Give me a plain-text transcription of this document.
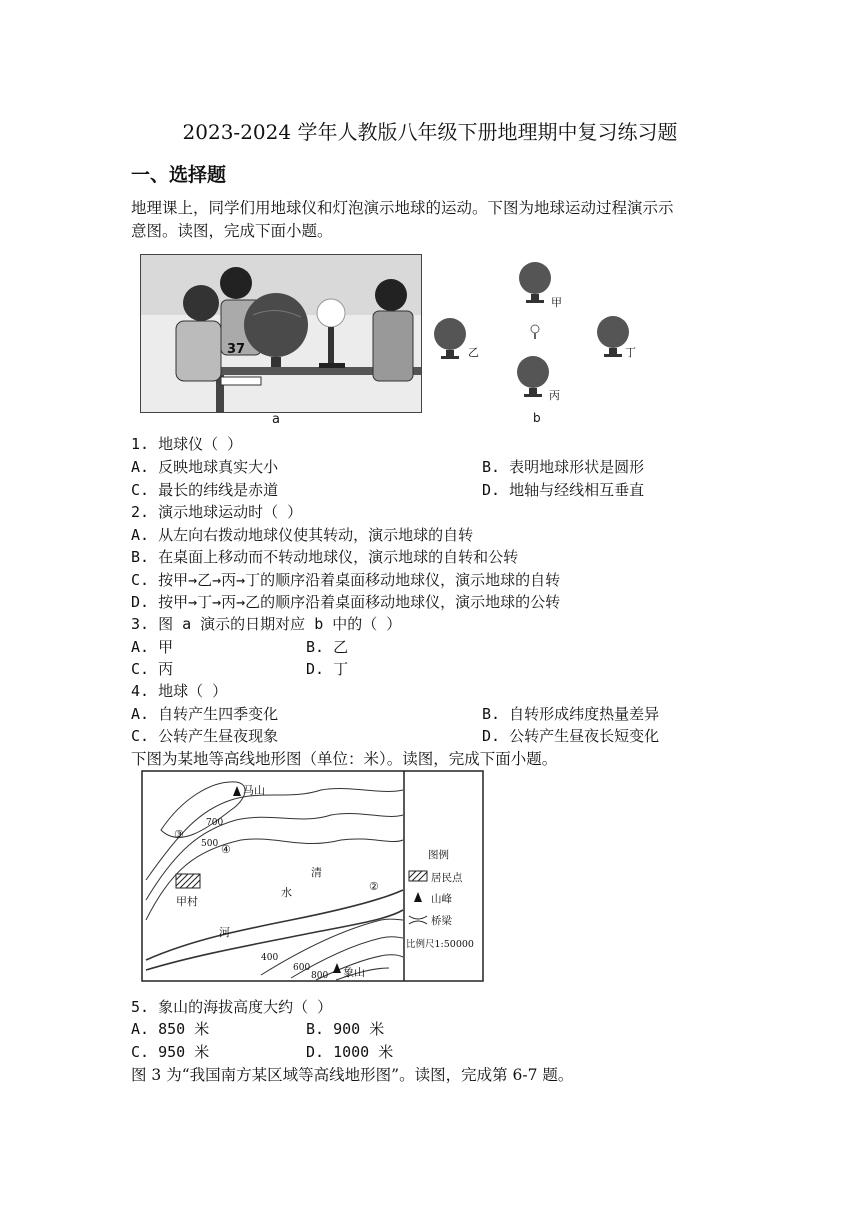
2023-2024 学年人教版八年级下册地理期中复习练习题
一、选择题
地理课上，同学们用地球仪和灯泡演示地球的运动。下图为地球运动过程演示示
意图。读图，完成下面小题。
37
a
甲
乙	丁
丙
b
1. 地球仪（ ）
A. 反映地球真实大小	B. 表明地球形状是圆形
C. 最长的纬线是赤道	D. 地轴与经线相互垂直
2. 演示地球运动时（ ）
A. 从左向右拨动地球仪使其转动，演示地球的自转
B. 在桌面上移动而不转动地球仪，演示地球的自转和公转
C. 按甲→乙→丙→丁的顺序沿着桌面移动地球仪，演示地球的自转
D. 按甲→丁→丙→乙的顺序沿着桌面移动地球仪，演示地球的公转
3. 图 a 演示的日期对应 b 中的（ ）
A. 甲	B. 乙
C. 丙	D. 丁
4. 地球（ ）
A. 自转产生四季变化	B. 自转形成纬度热量差异
C. 公转产生昼夜现象	D. 公转产生昼夜长短变化
下图为某地等高线地形图（单位：米）。读图，完成下面小题。
马山
象山
甲村
清
水
河
700
500
400
600
800
③
④
②
图例
居民点
山峰
桥梁
比例尺1:50000
5. 象山的海拔高度大约（ ）
A. 850 米	B. 900 米
C. 950 米	D. 1000 米
图 3 为“我国南方某区域等高线地形图”。读图，完成第 6-7 题。
